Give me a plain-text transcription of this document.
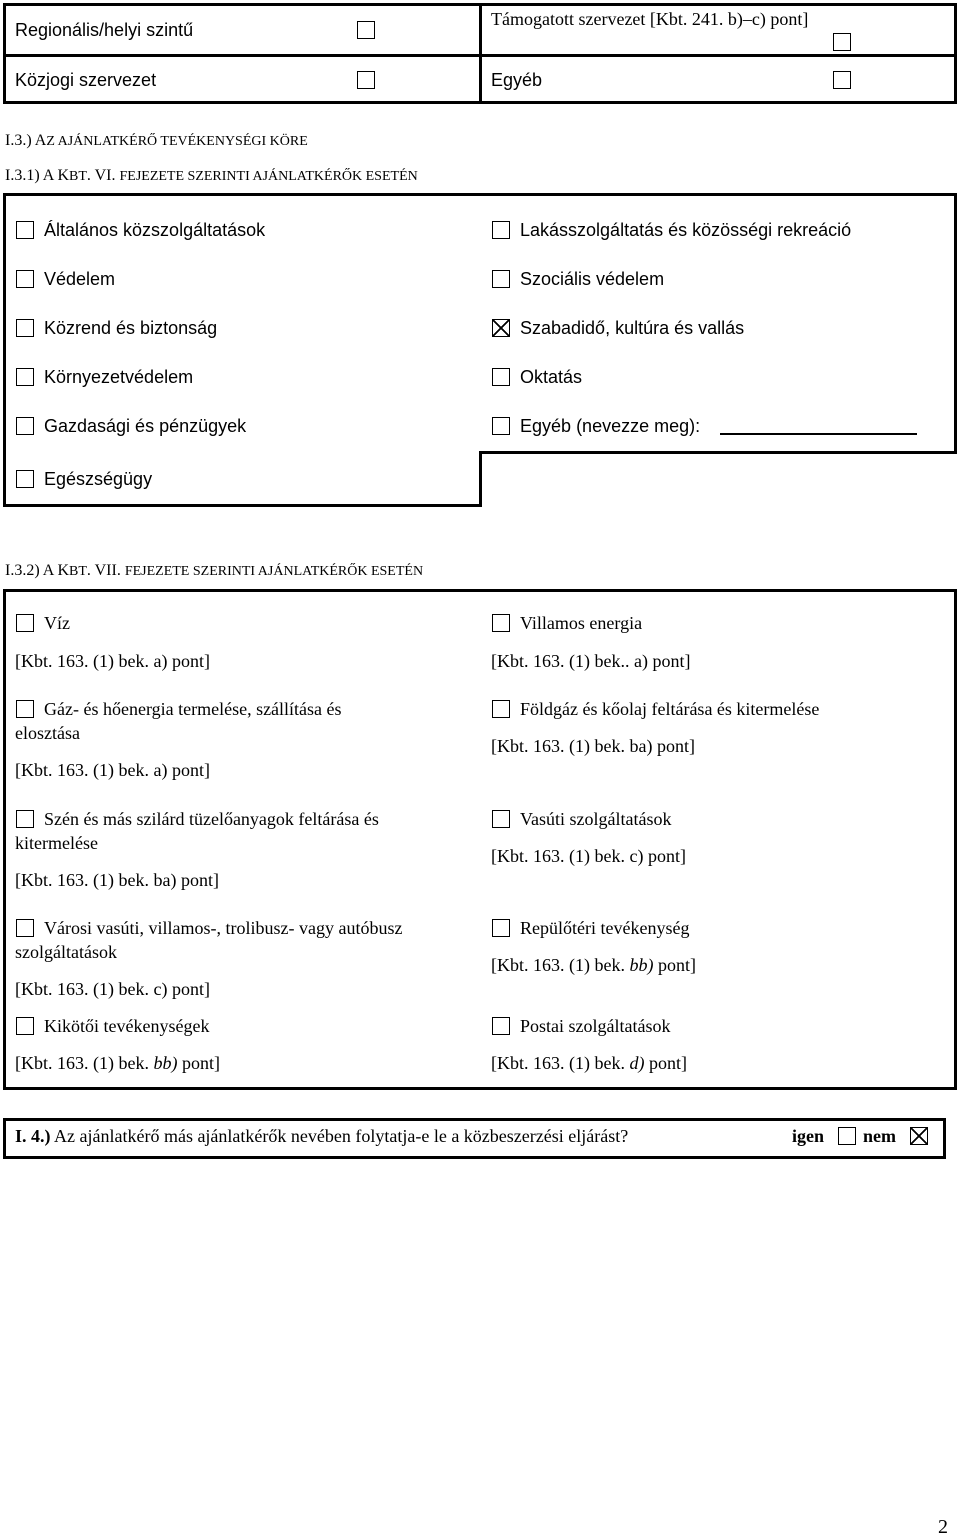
Regionális/helyi szintű
Támogatott szervezet [Kbt. 241. b)–c) pont]
Közjogi szervezet	Egyéb
I.3.) AZ AJÁNLATKÉRŐ TEVÉKENYSÉGI KÖRE
I.3.1) A KBT. VI. FEJEZETE SZERINTI AJÁNLATKÉRŐK ESETÉN
Általános közszolgáltatások
Védelem
Közrend és biztonság
Környezetvédelem
Gazdasági és pénzügyek
Egészségügy
Lakásszolgáltatás és közösségi rekreáció
Szociális védelem
Szabadidő, kultúra és vallás
Oktatás
Egyéb (nevezze meg):
I.3.2) A KBT. VII. FEJEZETE SZERINTI AJÁNLATKÉRŐK ESETÉN
Víz
[Kbt. 163. (1) bek. a) pont]
Gáz- és hőenergia termelése, szállítása és
elosztása
[Kbt. 163. (1) bek. a) pont]
Szén és más szilárd tüzelőanyagok feltárása és
kitermelése
[Kbt. 163. (1) bek. ba) pont]
Városi vasúti, villamos-, trolibusz- vagy autóbusz
szolgáltatások
[Kbt. 163. (1) bek. c) pont]
Kikötői tevékenységek
[Kbt. 163. (1) bek. bb) pont]
Villamos energia
[Kbt. 163. (1) bek.. a) pont]
Földgáz és kőolaj feltárása és kitermelése
[Kbt. 163. (1) bek. ba) pont]
Vasúti szolgáltatások
[Kbt. 163. (1) bek. c) pont]
Repülőtéri tevékenység
[Kbt. 163. (1) bek. bb) pont]
Postai szolgáltatások
[Kbt. 163. (1) bek. d) pont]
I. 4.) Az ajánlatkérő más ajánlatkérők nevében folytatja-e le a közbeszerzési eljárást?	igen nem
2
